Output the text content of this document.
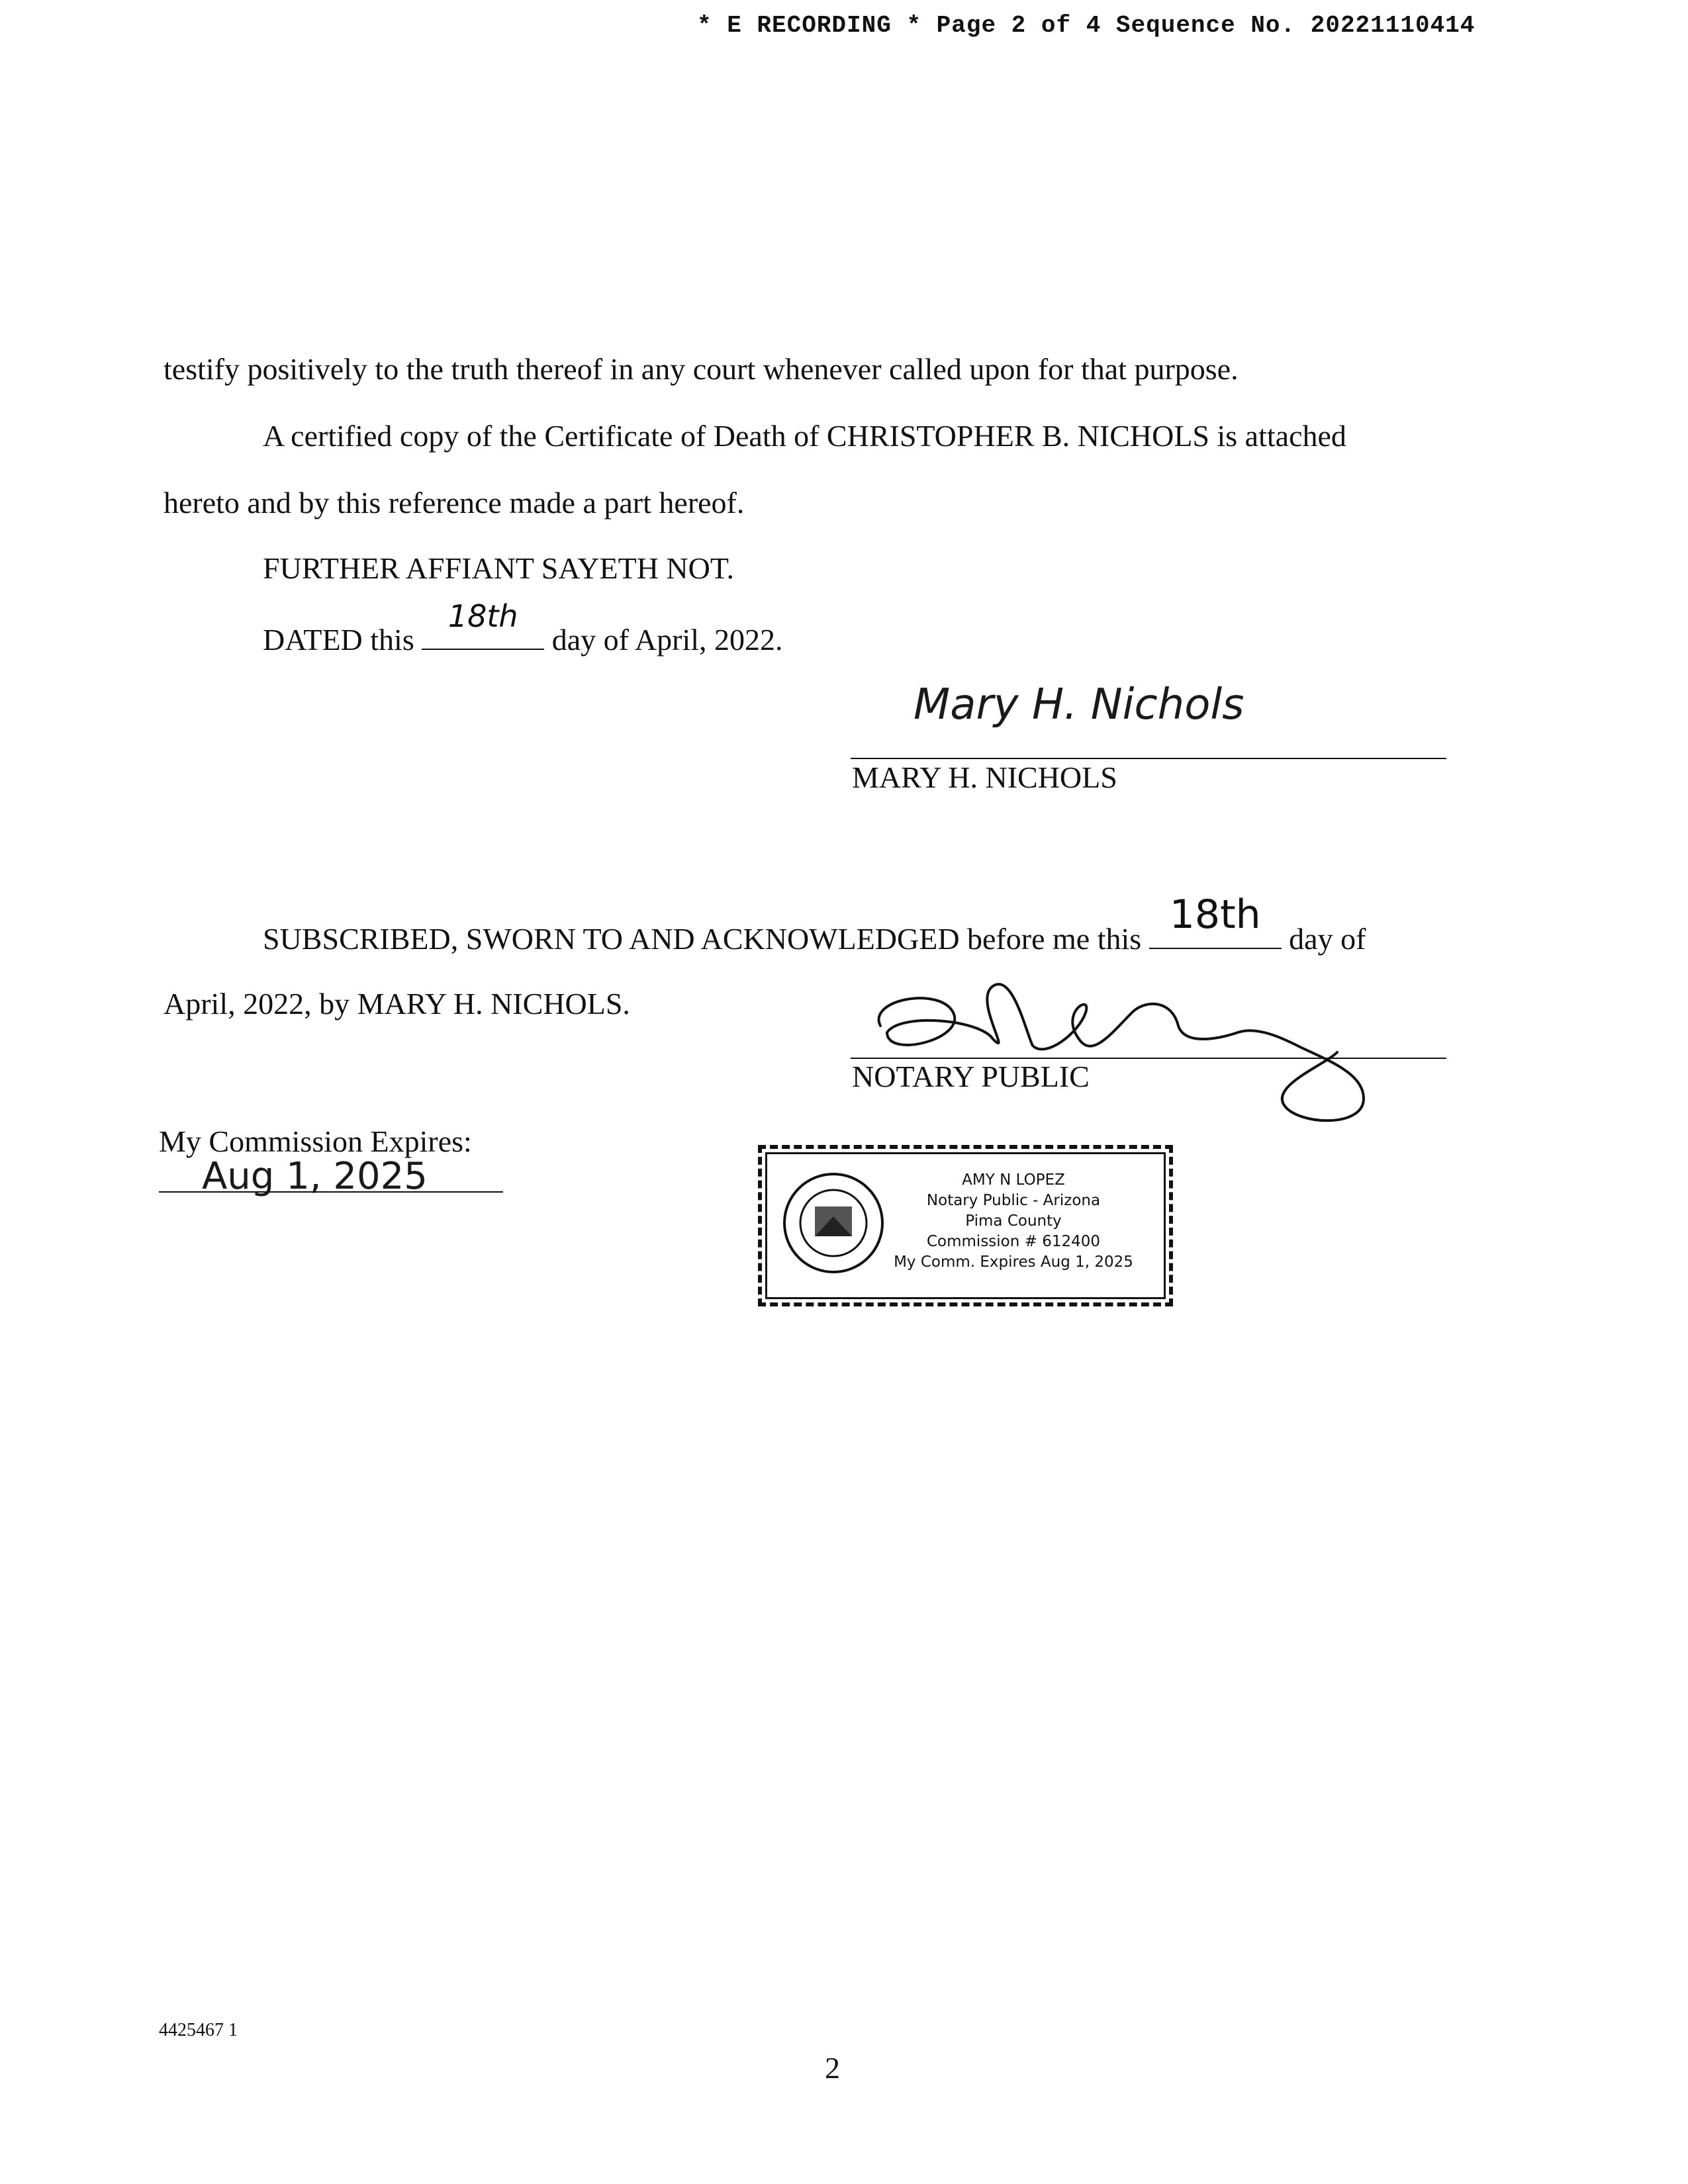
* E RECORDING * Page 2 of 4 Sequence No. 20221110414
testify positively to the truth thereof in any court whenever called upon for that purpose.
A certified copy of the Certificate of Death of CHRISTOPHER B. NICHOLS is attached
hereto and by this reference made a part hereof.
FURTHER AFFIANT SAYETH NOT.
DATED this
18th
day of April, 2022.
Mary H. Nichols
MARY H. NICHOLS
SUBSCRIBED, SWORN TO AND ACKNOWLEDGED before me this
18th
day of
April, 2022, by MARY H. NICHOLS.
NOTARY PUBLIC
My Commission Expires:
Aug 1, 2025	AMY N LOPEZ
Notary Public - Arizona
Pima County
Commission # 612400
My Comm. Expires Aug 1, 2025
4425467 1
2
